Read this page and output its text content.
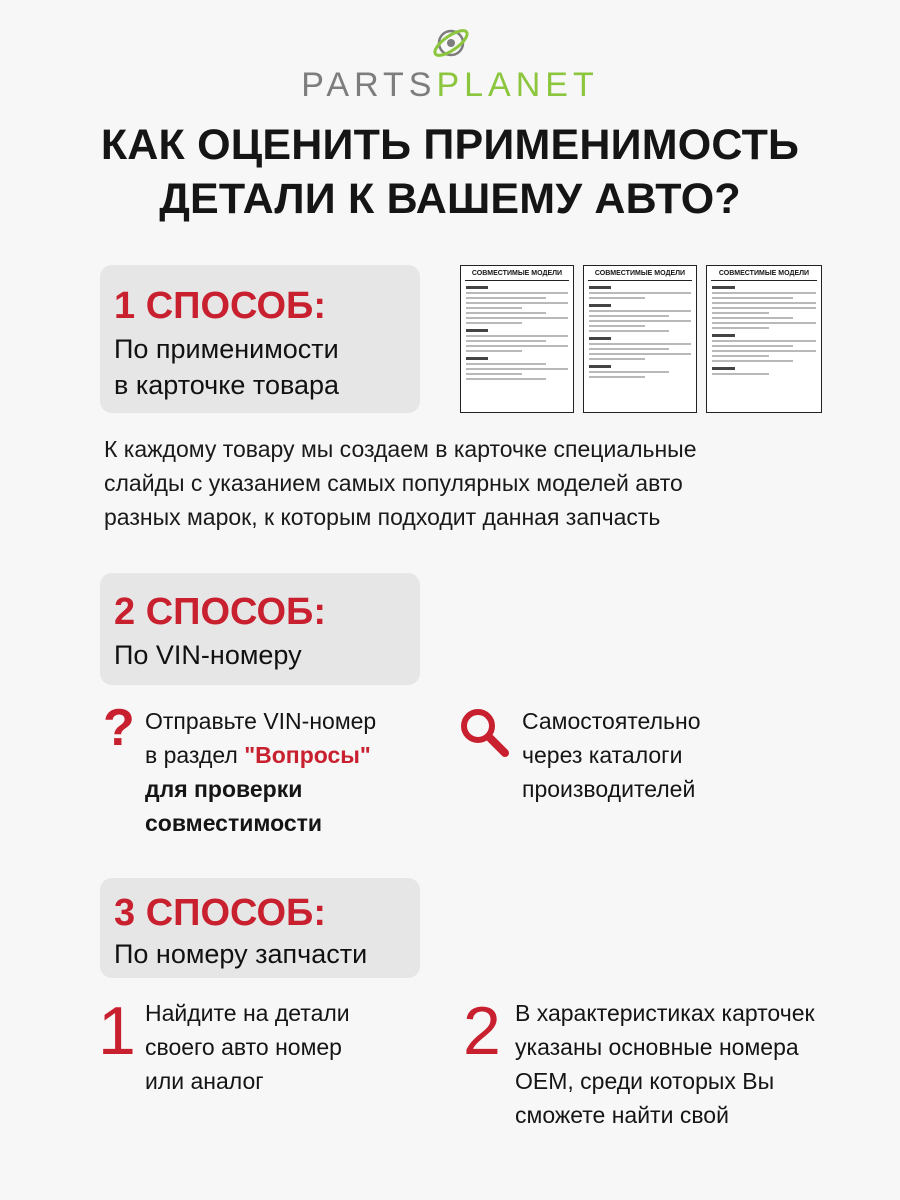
PARTSPLANET
КАК ОЦЕНИТЬ ПРИМЕНИМОСТЬ
ДЕТАЛИ К ВАШЕМУ АВТО?
1 СПОСОБ:
По применимости
в карточке товара
СОВМЕСТИМЫЕ МОДЕЛИ	СОВМЕСТИМЫЕ МОДЕЛИ	СОВМЕСТИМЫЕ МОДЕЛИ
К каждому товару мы создаем в карточке специальные
слайды с указанием самых популярных моделей авто
разных марок, к которым подходит данная запчасть
2 СПОСОБ:
По VIN-номеру
? Отправьте VIN-номер
в раздел "Вопросы"
для проверки
совместимости
Самостоятельно
через каталоги
производителей
3 СПОСОБ:
По номеру запчасти
1 Найдите на детали
своего авто номер
или аналог
2 В характеристиках карточек
указаны основные номера
OEM, среди которых Вы
сможете найти свой
